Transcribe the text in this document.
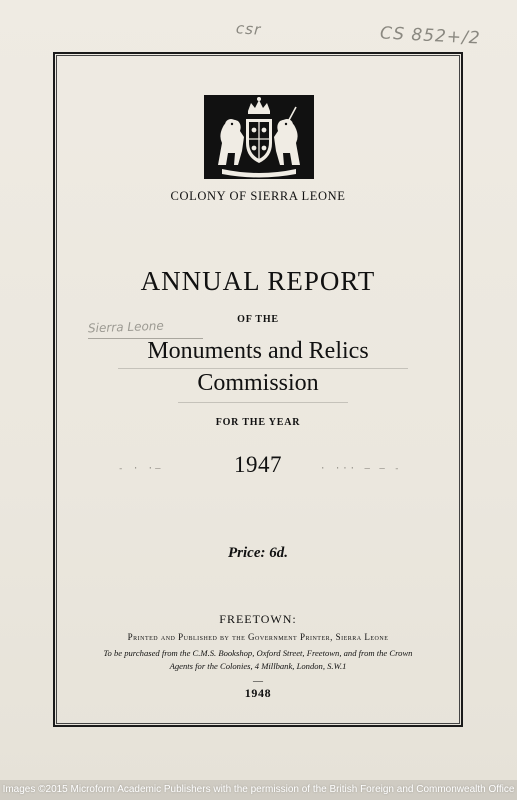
csr	CS 852+/2

COLONY OF SIERRA LEONE

ANNUAL REPORT

Sierra Leone	OF THE

Monuments and Relics

Commission

FOR THE YEAR

- · ·—	1947	· ··· — – -

Price: 6d.

FREETOWN:

Printed and Published by the Government Printer, Sierra Leone

To be purchased from the C.M.S. Bookshop, Oxford Street, Freetown, and from the Crown
Agents for the Colonies, 4 Millbank, London, S.W.1

—

1948

Images ©2015 Microform Academic Publishers with the permission of the British Foreign and Commonwealth Office
